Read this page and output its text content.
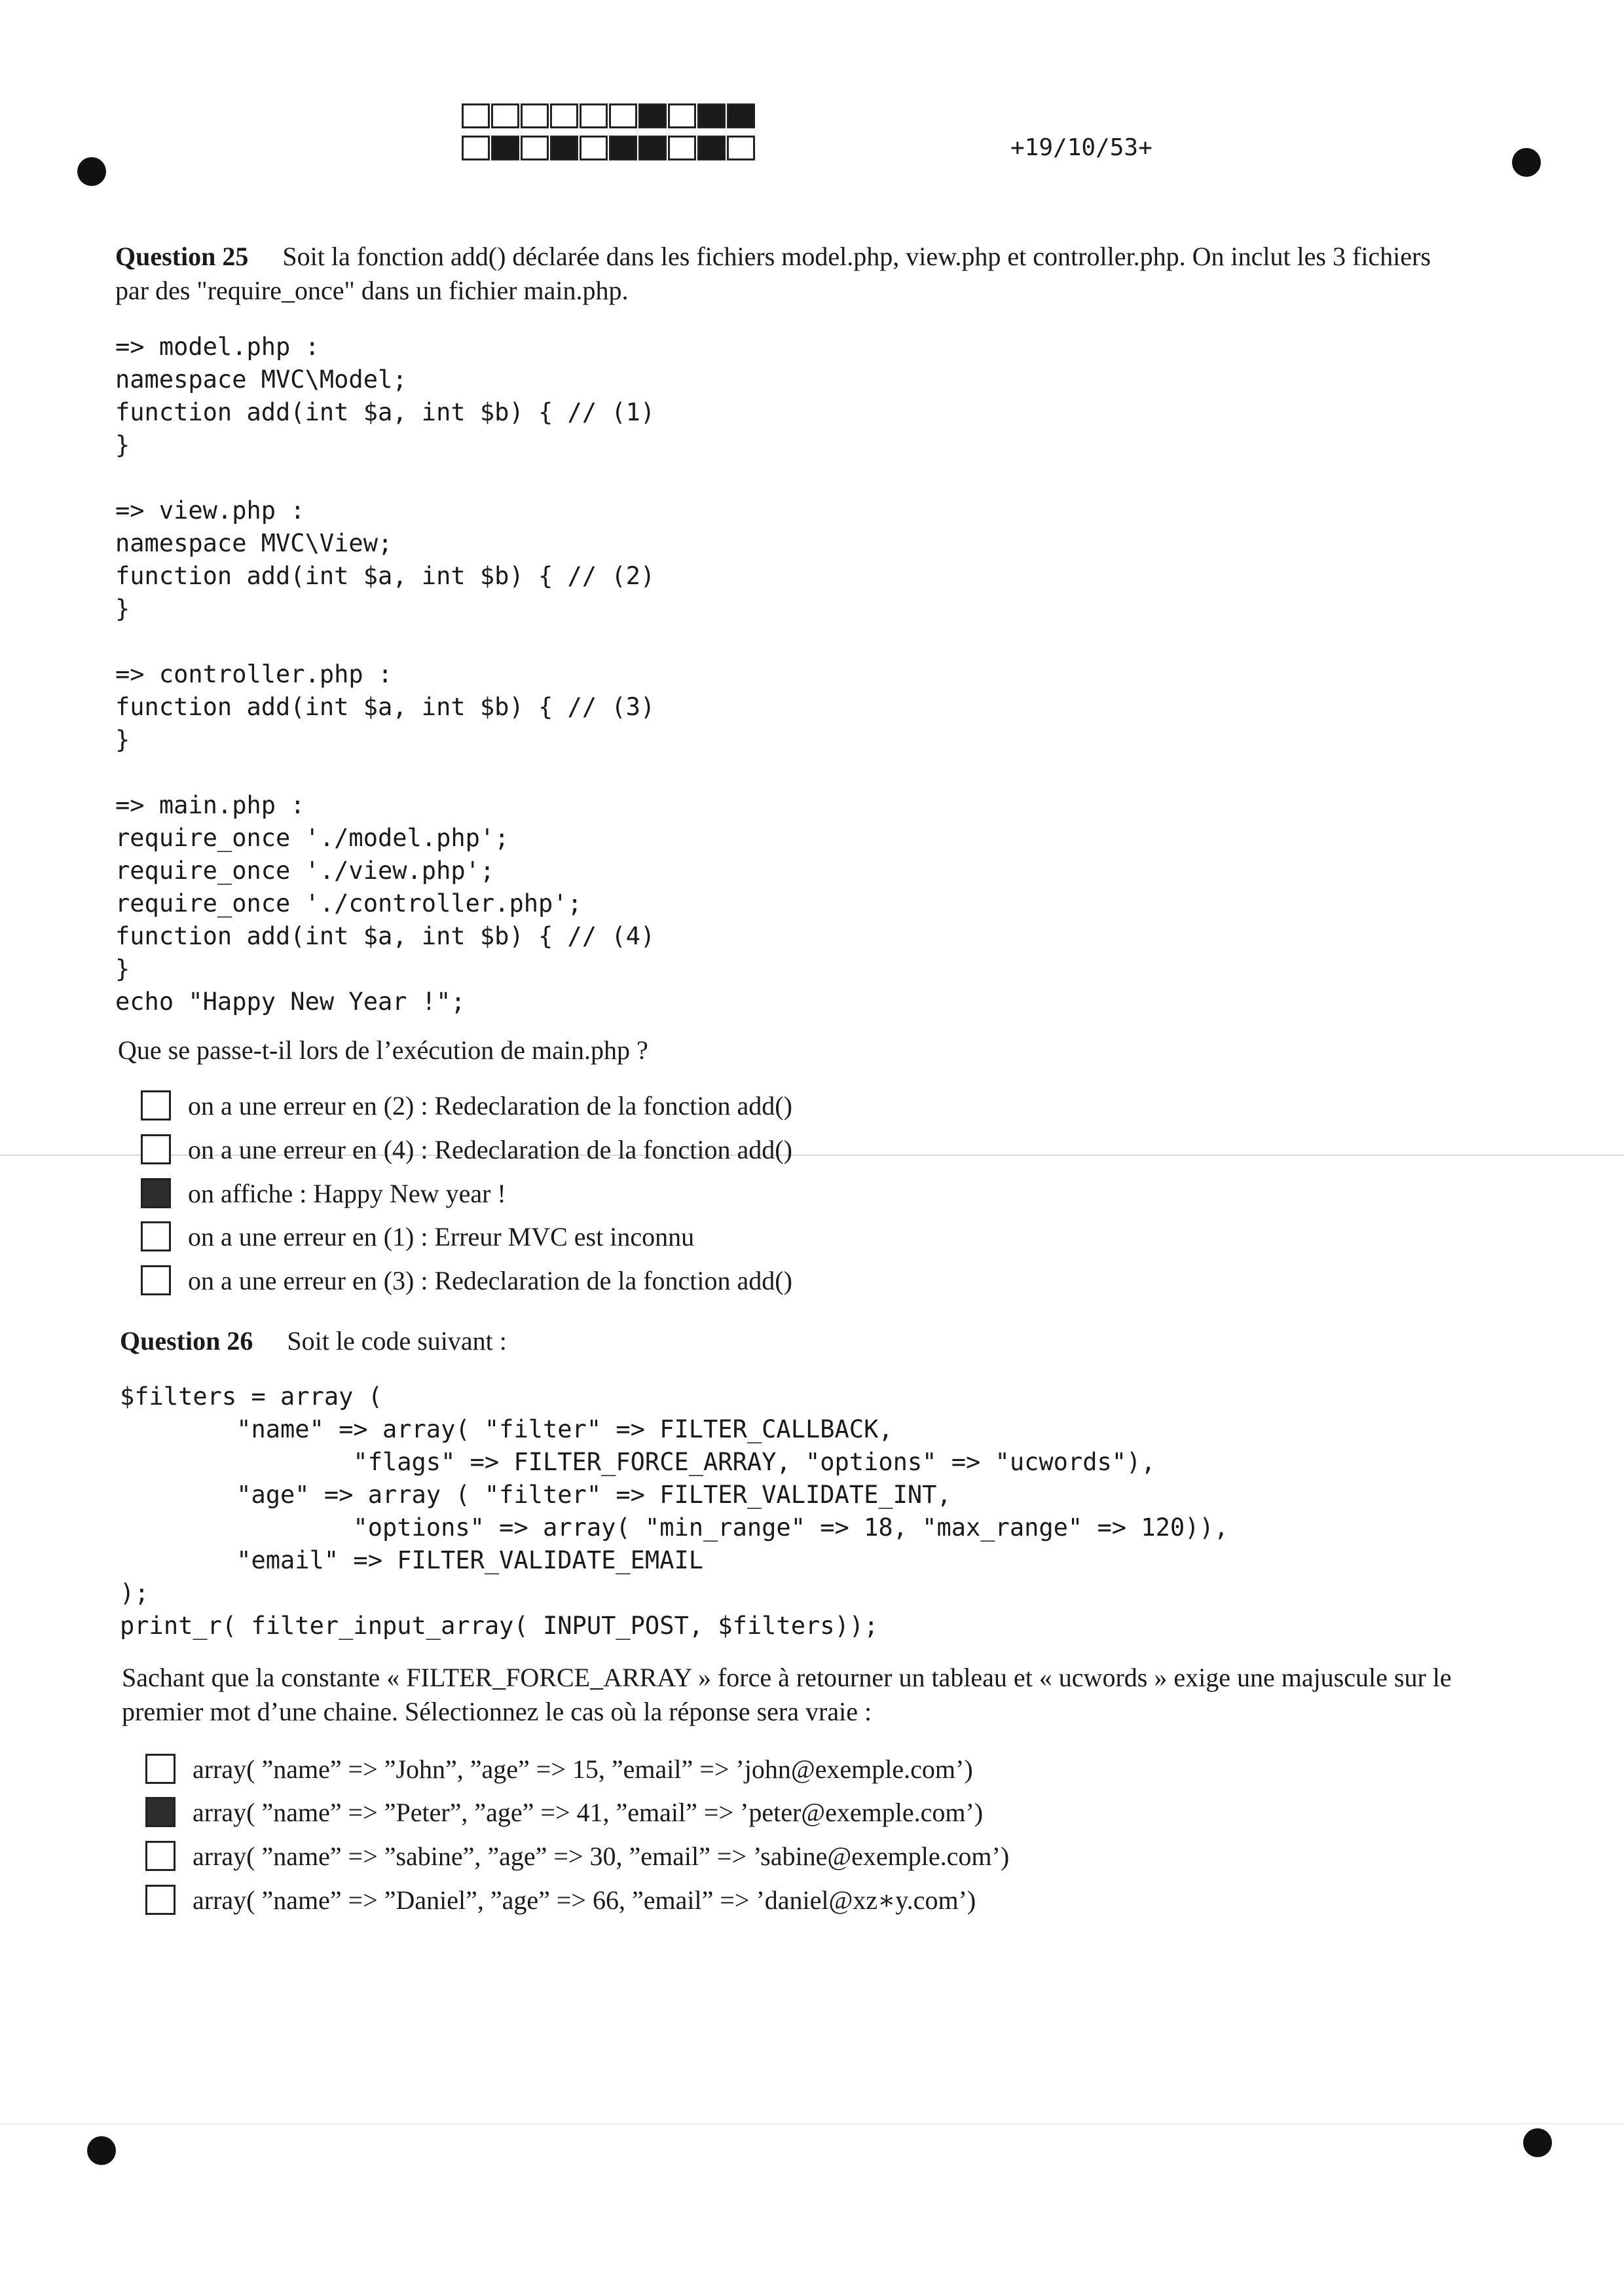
+19/10/53+
Question 25 Soit la fonction add() déclarée dans les fichiers model.php, view.php et controller.php. On inclut les 3 fichiers
par des "require_once" dans un fichier main.php.
=> model.php :
namespace MVC\Model;
function add(int $a, int $b) { // (1)
}

=> view.php :
namespace MVC\View;
function add(int $a, int $b) { // (2)
}

=> controller.php :
function add(int $a, int $b) { // (3)
}

=> main.php :
require_once './model.php';
require_once './view.php';
require_once './controller.php';
function add(int $a, int $b) { // (4)
}
echo "Happy New Year !";
Que se passe-t-il lors de l’exécution de main.php ?
on a une erreur en (2) : Redeclaration de la fonction add()
on a une erreur en (4) : Redeclaration de la fonction add()
on affiche : Happy New year !
on a une erreur en (1) : Erreur MVC est inconnu
on a une erreur en (3) : Redeclaration de la fonction add()
Question 26 Soit le code suivant :
$filters = array (
"name" => array( "filter" => FILTER_CALLBACK,
"flags" => FILTER_FORCE_ARRAY, "options" => "ucwords"),
"age" => array ( "filter" => FILTER_VALIDATE_INT,
"options" => array( "min_range" => 18, "max_range" => 120)),
"email" => FILTER_VALIDATE_EMAIL
);
print_r( filter_input_array( INPUT_POST, $filters));
Sachant que la constante « FILTER_FORCE_ARRAY » force à retourner un tableau et « ucwords » exige une majuscule sur le
premier mot d’une chaine. Sélectionnez le cas où la réponse sera vraie :
array( ”name” => ”John”, ”age” => 15, ”email” => ’john@exemple.com’)
array( ”name” => ”Peter”, ”age” => 41, ”email” => ’peter@exemple.com’)
array( ”name” => ”sabine”, ”age” => 30, ”email” => ’sabine@exemple.com’)
array( ”name” => ”Daniel”, ”age” => 66, ”email” => ’daniel@xz∗y.com’)
